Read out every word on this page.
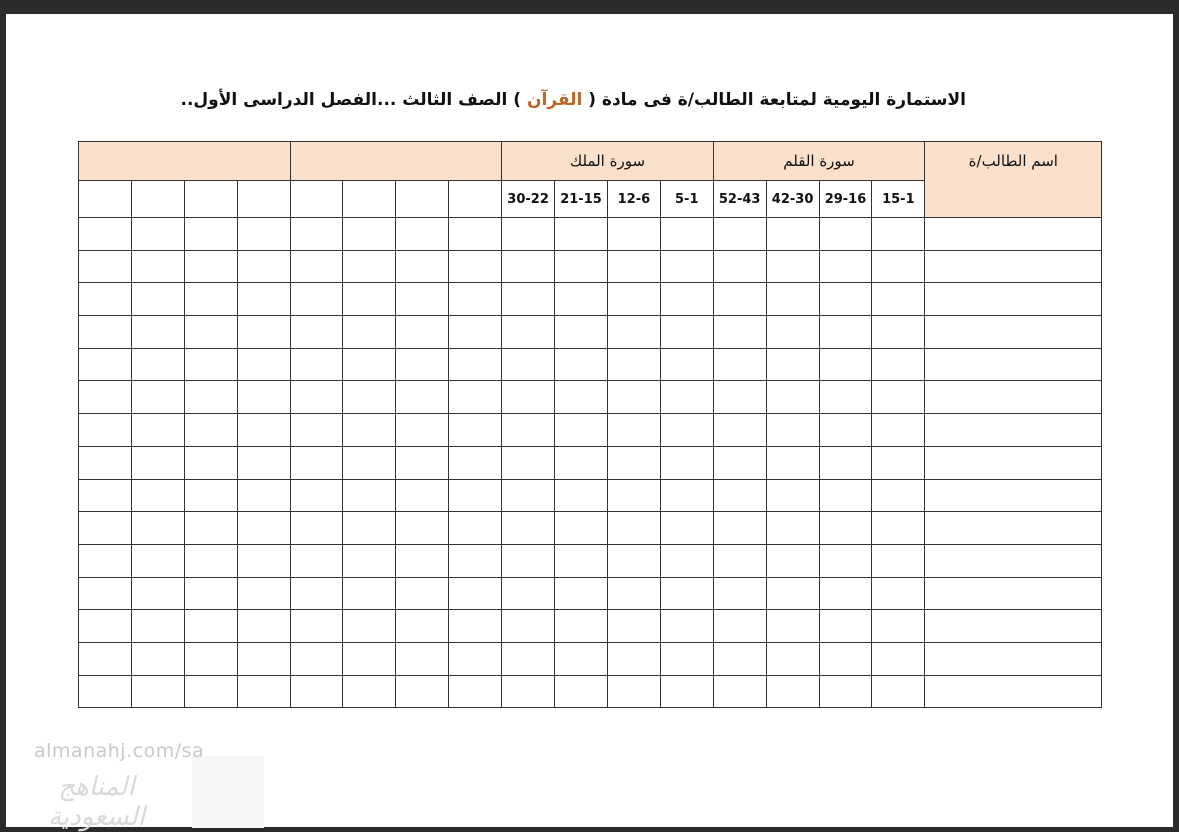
الاستمارة اليومية لمتابعة الطالب/ة فى مادة ( القرآن ) الصف الثالث ...الفصل الدراسى الأول..
اسم الطالب/ة	سورة القلم				سورة الملك											
	15-1	29-16	42-30	52-43	5-1	12-6	21-15	30-22								

almanahj.com/sa
المناهج السعودية
